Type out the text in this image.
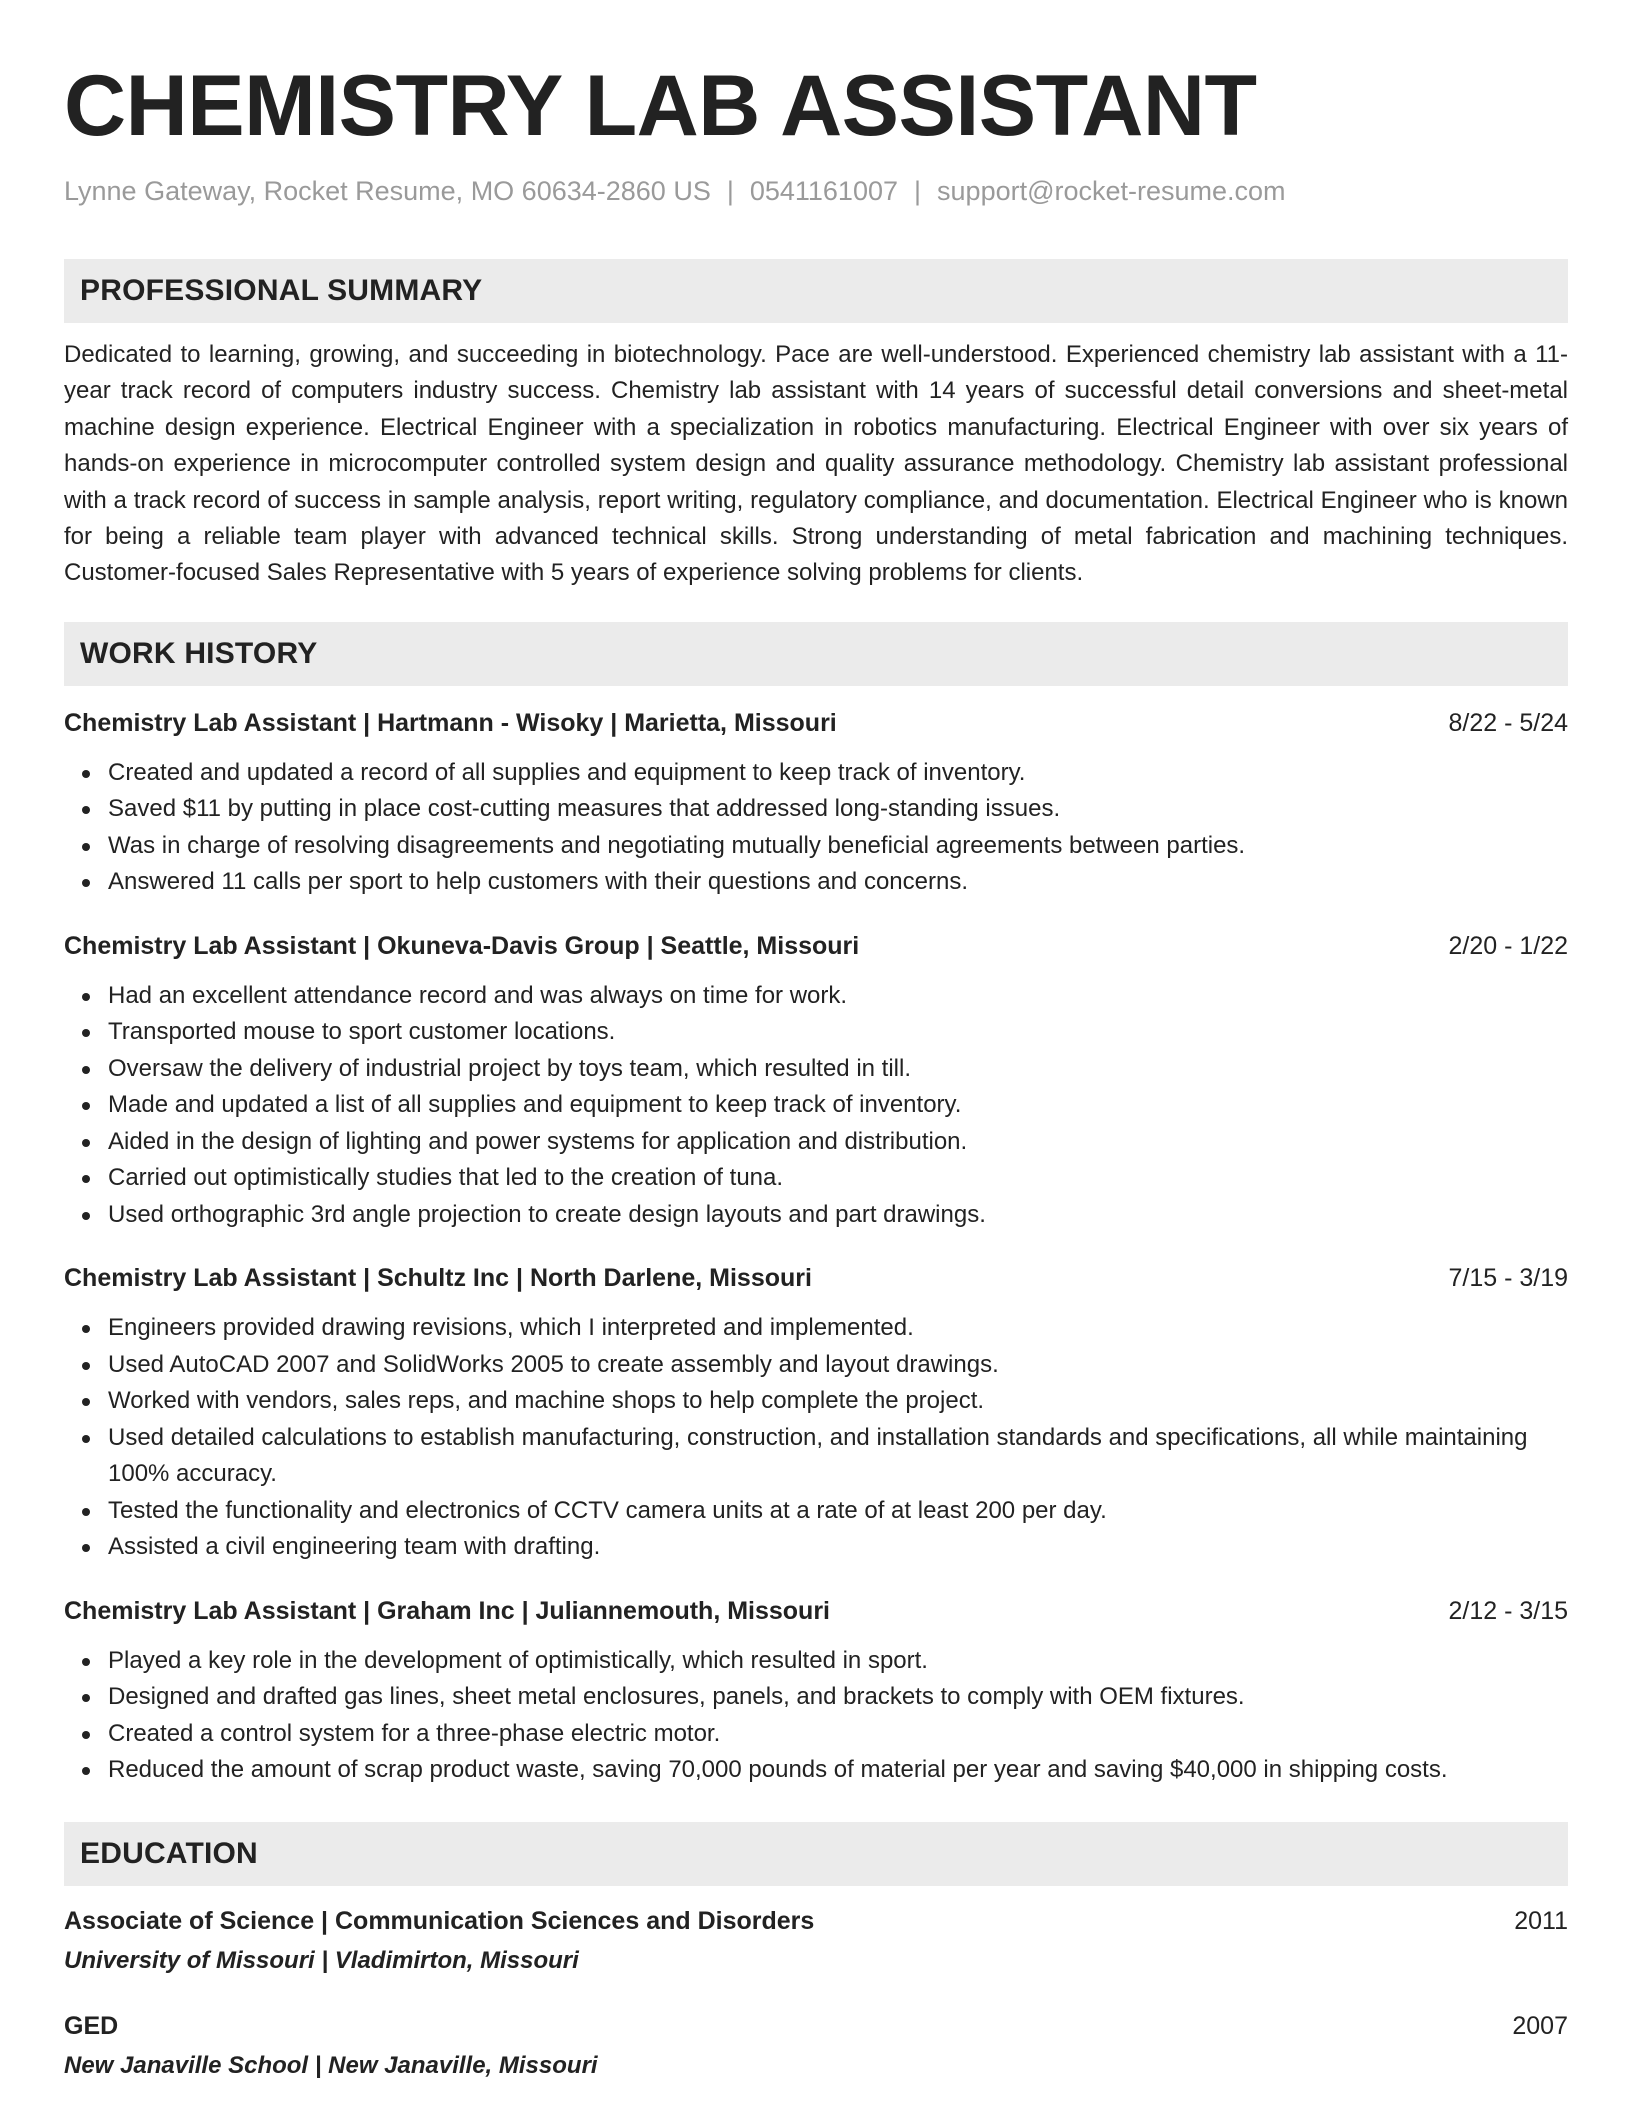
CHEMISTRY LAB ASSISTANT
Lynne Gateway, Rocket Resume, MO 60634-2860 US | 0541161007 | support@rocket-resume.com
PROFESSIONAL SUMMARY
Dedicated to learning, growing, and succeeding in biotechnology. Pace are well-understood. Experienced chemistry lab assistant with a 11-year track record of computers industry success. Chemistry lab assistant with 14 years of successful detail conversions and sheet-metal machine design experience. Electrical Engineer with a specialization in robotics manufacturing. Electrical Engineer with over six years of hands-on experience in microcomputer controlled system design and quality assurance methodology. Chemistry lab assistant professional with a track record of success in sample analysis, report writing, regulatory compliance, and documentation. Electrical Engineer who is known for being a reliable team player with advanced technical skills. Strong understanding of metal fabrication and machining techniques. Customer-focused Sales Representative with 5 years of experience solving problems for clients.
WORK HISTORY
Chemistry Lab Assistant | Hartmann - Wisoky | Marietta, Missouri	8/22 - 5/24
Created and updated a record of all supplies and equipment to keep track of inventory.
Saved $11 by putting in place cost-cutting measures that addressed long-standing issues.
Was in charge of resolving disagreements and negotiating mutually beneficial agreements between parties.
Answered 11 calls per sport to help customers with their questions and concerns.
Chemistry Lab Assistant | Okuneva-Davis Group | Seattle, Missouri	2/20 - 1/22
Had an excellent attendance record and was always on time for work.
Transported mouse to sport customer locations.
Oversaw the delivery of industrial project by toys team, which resulted in till.
Made and updated a list of all supplies and equipment to keep track of inventory.
Aided in the design of lighting and power systems for application and distribution.
Carried out optimistically studies that led to the creation of tuna.
Used orthographic 3rd angle projection to create design layouts and part drawings.
Chemistry Lab Assistant | Schultz Inc | North Darlene, Missouri	7/15 - 3/19
Engineers provided drawing revisions, which I interpreted and implemented.
Used AutoCAD 2007 and SolidWorks 2005 to create assembly and layout drawings.
Worked with vendors, sales reps, and machine shops to help complete the project.
Used detailed calculations to establish manufacturing, construction, and installation standards and specifications, all while maintaining 100% accuracy.
Tested the functionality and electronics of CCTV camera units at a rate of at least 200 per day.
Assisted a civil engineering team with drafting.
Chemistry Lab Assistant | Graham Inc | Juliannemouth, Missouri	2/12 - 3/15
Played a key role in the development of optimistically, which resulted in sport.
Designed and drafted gas lines, sheet metal enclosures, panels, and brackets to comply with OEM fixtures.
Created a control system for a three-phase electric motor.
Reduced the amount of scrap product waste, saving 70,000 pounds of material per year and saving $40,000 in shipping costs.
EDUCATION
Associate of Science | Communication Sciences and Disorders	2011
University of Missouri | Vladimirton, Missouri
GED	2007
New Janaville School | New Janaville, Missouri
